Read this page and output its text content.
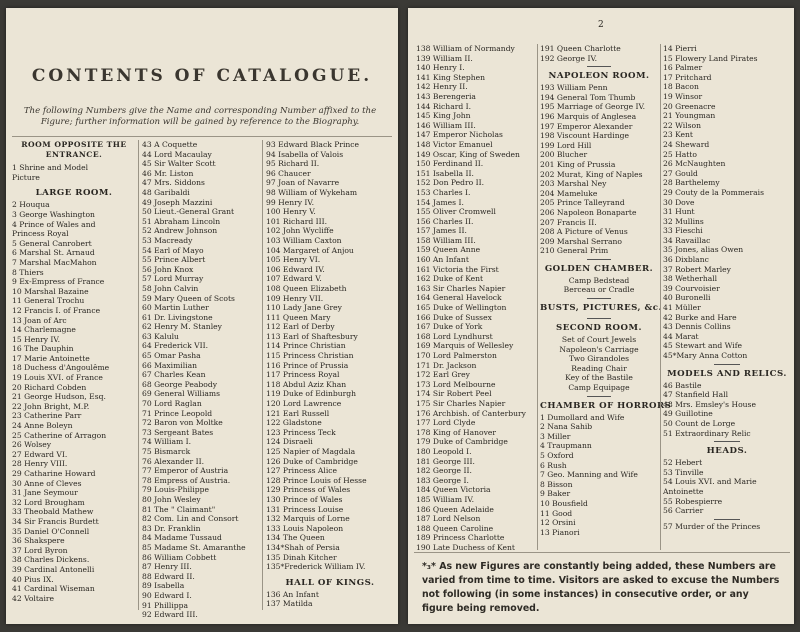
CONTENTS OF CATALOGUE.
The following Numbers give the Name and corresponding Number affixed to the Figure; further information will be gained by reference to the Biography.
ROOM OPPOSITE THE
ENTRANCE.
1 Shrine and Model
Picture
LARGE ROOM.
2 Houqua
3 George Washington
4 Prince of Wales and
Princess Royal
5 General Canrobert
6 Marshal St. Arnaud
7 Marshal MacMahon
8 Thiers
9 Ex-Empress of France
10 Marshal Bazaine
11 General Trochu
12 Francis I. of France
13 Joan of Arc
14 Charlemagne
15 Henry IV.
16 The Dauphin
17 Marie Antoinette
18 Duchess d'Angoulême
19 Louis XVI. of France
20 Richard Cobden
21 George Hudson, Esq.
22 John Bright, M.P.
23 Catherine Parr
24 Anne Boleyn
25 Catherine of Arragon
26 Wolsey
27 Edward VI.
28 Henry VIII.
29 Catharine Howard
30 Anne of Cleves
31 Jane Seymour
32 Lord Brougham
33 Theobald Mathew
34 Sir Francis Burdett
35 Daniel O'Connell
36 Shakspere
37 Lord Byron
38 Charles Dickens.
39 Cardinal Antonelli
40 Pius IX.
41 Cardinal Wiseman
42 Voltaire
43 A Coquette
44 Lord Macaulay
45 Sir Walter Scott
46 Mr. Liston
47 Mrs. Siddons
48 Garibaldi
49 Joseph Mazzini
50 Lieut.-General Grant
51 Abraham Lincoln
52 Andrew Johnson
53 Macready
54 Earl of Mayo
55 Prince Albert
56 John Knox
57 Lord Murray
58 John Calvin
59 Mary Queen of Scots
60 Martin Luther
61 Dr. Livingstone
62 Henry M. Stanley
63 Kalulu
64 Frederick VII.
65 Omar Pasha
66 Maximilian
67 Charles Kean
68 George Peabody
69 General Williams
70 Lord Raglan
71 Prince Leopold
72 Baron von Moltke
73 Sergeant Bates
74 William I.
75 Bismarck
76 Alexander II.
77 Emperor of Austria
78 Empress of Austria.
79 Louis-Philippe
80 John Wesley
81 The " Claimant"
82 Com. Lin and Consort
83 Dr. Franklin
84 Madame Tussaud
85 Madame St. Amaranthe
86 William Cobbett
87 Henry III.
88 Edward II.
89 Isabella
90 Edward I.
91 Phillippa
92 Edward III.
93 Edward Black Prince
94 Isabella of Valois
95 Richard II.
96 Chaucer
97 Joan of Navarre
98 William of Wykeham
99 Henry IV.
100 Henry V.
101 Richard III.
102 John Wycliffe
103 William Caxton
104 Margaret of Anjou
105 Henry VI.
106 Edward IV.
107 Edward V.
108 Queen Elizabeth
109 Henry VII.
110 Lady Jane Grey
111 Queen Mary
112 Earl of Derby
113 Earl of Shaftesbury
114 Prince Christian
115 Princess Christian
116 Prince of Prussia
117 Princess Royal
118 Abdul Aziz Khan
119 Duke of Edinburgh
120 Lord Lawrence
121 Earl Russell
122 Gladstone
123 Princess Teck
124 Disraeli
125 Napier of Magdala
126 Duke of Cambridge
127 Princess Alice
128 Prince Louis of Hesse
129 Princess of Wales
130 Prince of Wales
131 Princess Louise
132 Marquis of Lorne
133 Louis Napoleon
134 The Queen
134*Shah of Persia
135 Dinah Kitcher
135*Frederick William IV.
HALL OF KINGS.
136 An Infant
137 Matilda
2
138 William of Normandy
139 William II.
140 Henry I.
141 King Stephen
142 Henry II.
143 Berengeria
144 Richard I.
145 King John
146 William III.
147 Emperor Nicholas
148 Victor Emanuel
149 Oscar, King of Sweden
150 Ferdinand II.
151 Isabella II.
152 Don Pedro II.
153 Charles I.
154 James I.
155 Oliver Cromwell
156 Charles II.
157 James II.
158 William III.
159 Queen Anne
160 An Infant
161 Victoria the First
162 Duke of Kent
163 Sir Charles Napier
164 General Havelock
165 Duke of Wellington
166 Duke of Sussex
167 Duke of York
168 Lord Lyndhurst
169 Marquis of Wellesley
170 Lord Palmerston
171 Dr. Jackson
172 Earl Grey
173 Lord Melbourne
174 Sir Robert Peel
175 Sir Charles Napier
176 Archbish. of Canterbury
177 Lord Clyde
178 King of Hanover
179 Duke of Cambridge
180 Leopold I.
181 George III.
182 George II.
183 George I.
184 Queen Victoria
185 William IV.
186 Queen Adelaide
187 Lord Nelson
188 Queen Caroline
189 Princess Charlotte
190 Late Duchess of Kent
191 Queen Charlotte
192 George IV.
NAPOLEON ROOM.
193 William Penn
194 General Tom Thumb
195 Marriage of George IV.
196 Marquis of Anglesea
197 Emperor Alexander
198 Viscount Hardinge
199 Lord Hill
200 Blucher
201 King of Prussia
202 Murat, King of Naples
203 Marshal Ney
204 Mameluke
205 Prince Talleyrand
206 Napoleon Bonaparte
207 Francis II.
208 A Picture of Venus
209 Marshal Serrano
210 General Prim
GOLDEN CHAMBER.
Camp Bedstead
Berceau or Cradle
BUSTS, PICTURES, &c.
SECOND ROOM.
Set of Court Jewels
Napoleon's Carriage
Two Girandoles
Reading Chair
Key of the Bastile
Camp Equipage
CHAMBER OF HORRORS
1 Dumollard and Wife
2 Nana Sahib
3 Miller
4 Traupmann
5 Oxford
6 Rush
7 Geo. Manning and Wife
8 Bisson
9 Baker
10 Bousfield
11 Good
12 Orsini
13 Pianori
14 Pierri
15 Flowery Land Pirates
16 Palmer
17 Pritchard
18 Bacon
19 Winsor
20 Greenacre
21 Youngman
22 Wilson
23 Kent
24 Sheward
25 Hatto
26 McNaughten
27 Gould
28 Barthelemy
29 Couty de la Pommerais
30 Dove
31 Hunt
32 Mullins
33 Fieschi
34 Ravaillac
35 Jones, alias Owen
36 Dixblanc
37 Robert Marley
38 Wetherhall
39 Courvoisier
40 Buronelli
41 Müller
42 Burke and Hare
43 Dennis Collins
44 Marat
45 Stewart and Wife
45*Mary Anna Cotton
MODELS AND RELICS.
46 Bastile
47 Stanfield Hall
48 Mrs. Emsley's House
49 Guillotine
50 Count de Lorge
51 Extraordinary Relic
HEADS.
52 Hebert
53 Tinville
54 Louis XVI. and Marie
Antoinette
55 Robespierre
56 Carrier
57 Murder of the Princes
*₃* As new Figures are constantly being added, these Numbers are varied from time to time. Visitors are asked to excuse the Numbers not following (in some instances) in consecutive order, or any figure being removed.
